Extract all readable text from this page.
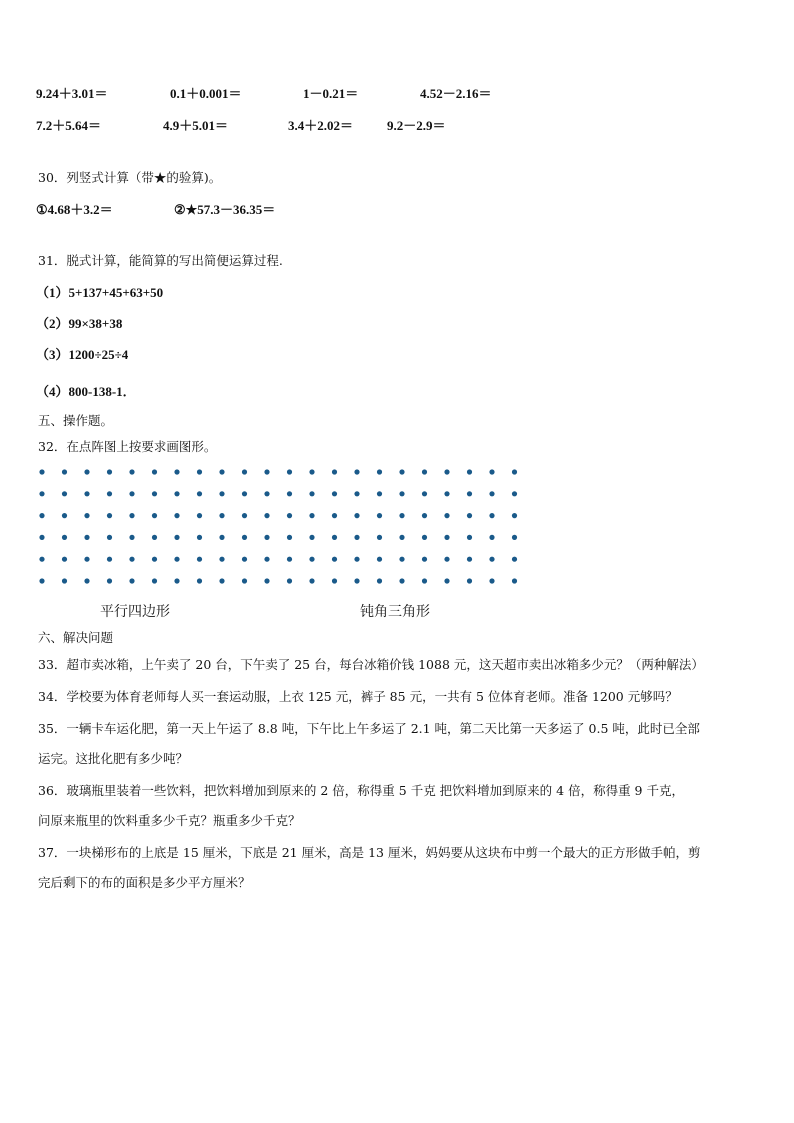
9.24＋3.01＝	0.1＋0.001＝	1－0.21＝	4.52－2.16＝
7.2＋5.64＝	4.9＋5.01＝	3.4＋2.02＝	9.2－2.9＝
30．列竖式计算（带★的验算)。
①4.68＋3.2＝	②★57.3－36.35＝
31．脱式计算，能简算的写出简便运算过程.
（1）5+137+45+63+50
（2）99×38+38
（3）1200÷25÷4
（4）800-138-1．
五、操作题。
32．在点阵图上按要求画图形。
平行四边形	钝角三角形
六、解决问题
33．超市卖冰箱，上午卖了 20 台，下午卖了 25 台，每台冰箱价钱 1088 元，这天超市卖出冰箱多少元？（两种解法）
34．学校要为体育老师每人买一套运动服，上衣 125 元，裤子 85 元，一共有 5 位体育老师。准备 1200 元够吗？
35．一辆卡车运化肥，第一天上午运了 8.8 吨，下午比上午多运了 2.1 吨，第二天比第一天多运了 0.5 吨，此时已全部
运完。这批化肥有多少吨？
36．玻璃瓶里装着一些饮料，把饮料增加到原来的 2 倍，称得重 5 千克 把饮料增加到原来的 4 倍，称得重 9 千克，
问原来瓶里的饮料重多少千克？瓶重多少千克？
37．一块梯形布的上底是 15 厘米，下底是 21 厘米，高是 13 厘米，妈妈要从这块布中剪一个最大的正方形做手帕，剪
完后剩下的布的面积是多少平方厘米？
